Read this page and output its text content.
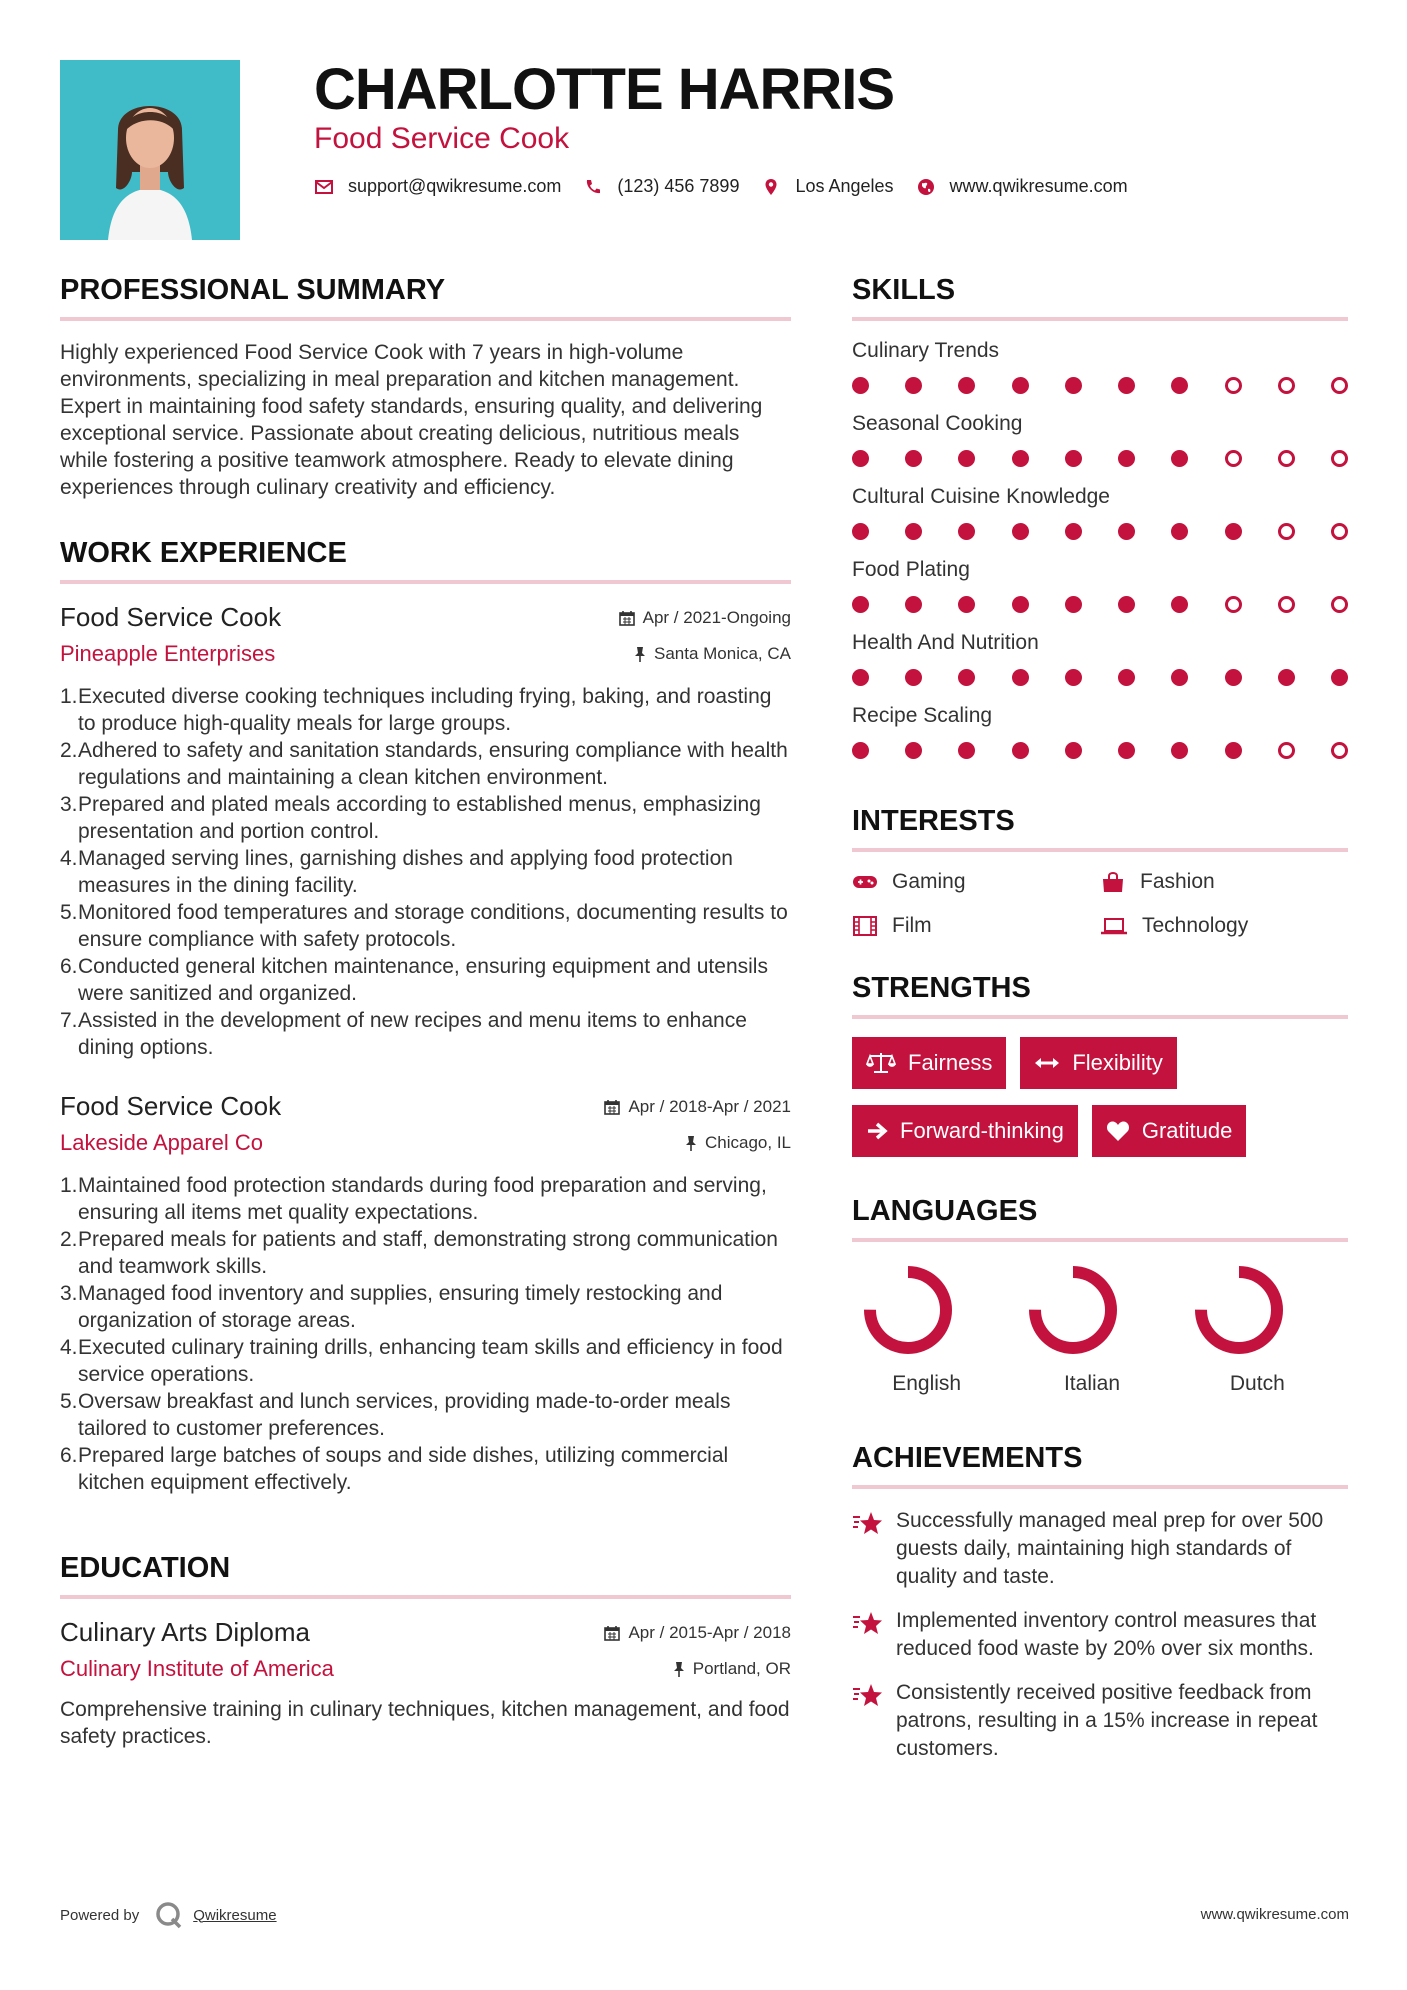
CHARLOTTE HARRIS
Food Service Cook
support@qwikresume.com	(123) 456 7899	Los Angeles	www.qwikresume.com
PROFESSIONAL SUMMARY

Highly experienced Food Service Cook with 7 years in high-volume environments, specializing in meal preparation and kitchen management. Expert in maintaining food safety standards, ensuring quality, and delivering exceptional service. Passionate about creating delicious, nutritious meals while fostering a positive teamwork atmosphere. Ready to elevate dining experiences through culinary creativity and efficiency.

WORK EXPERIENCE
Food Service Cook	Apr / 2021-Ongoing
Pineapple Enterprises	Santa Monica, CA
1. Executed diverse cooking techniques including frying, baking, and roasting to produce high-quality meals for large groups.
2. Adhered to safety and sanitation standards, ensuring compliance with health regulations and maintaining a clean kitchen environment.
3. Prepared and plated meals according to established menus, emphasizing presentation and portion control.
4. Managed serving lines, garnishing dishes and applying food protection measures in the dining facility.
5. Monitored food temperatures and storage conditions, documenting results to ensure compliance with safety protocols.
6. Conducted general kitchen maintenance, ensuring equipment and utensils were sanitized and organized.
7. Assisted in the development of new recipes and menu items to enhance dining options.
Food Service Cook	Apr / 2018-Apr / 2021
Lakeside Apparel Co	Chicago, IL
1. Maintained food protection standards during food preparation and serving, ensuring all items met quality expectations.
2. Prepared meals for patients and staff, demonstrating strong communication and teamwork skills.
3. Managed food inventory and supplies, ensuring timely restocking and organization of storage areas.
4. Executed culinary training drills, enhancing team skills and efficiency in food service operations.
5. Oversaw breakfast and lunch services, providing made-to-order meals tailored to customer preferences.
6. Prepared large batches of soups and side dishes, utilizing commercial kitchen equipment effectively.
EDUCATION
Culinary Arts Diploma	Apr / 2015-Apr / 2018
Culinary Institute of America	Portland, OR

Comprehensive training in culinary techniques, kitchen management, and food safety practices.

SKILLS
Culinary Trends
Seasonal Cooking
Cultural Cuisine Knowledge
Food Plating
Health And Nutrition
Recipe Scaling
INTERESTS
Gaming	Fashion
Film	Technology
STRENGTHS
Fairness	Flexibility
Forward-thinking	Gratitude
LANGUAGES
English	Italian	Dutch
ACHIEVEMENTS
Successfully managed meal prep for over 500 guests daily, maintaining high standards of quality and taste.
Implemented inventory control measures that reduced food waste by 20% over six months.
Consistently received positive feedback from patrons, resulting in a 15% increase in repeat customers.
Powered by	Qwikresume	www.qwikresume.com
